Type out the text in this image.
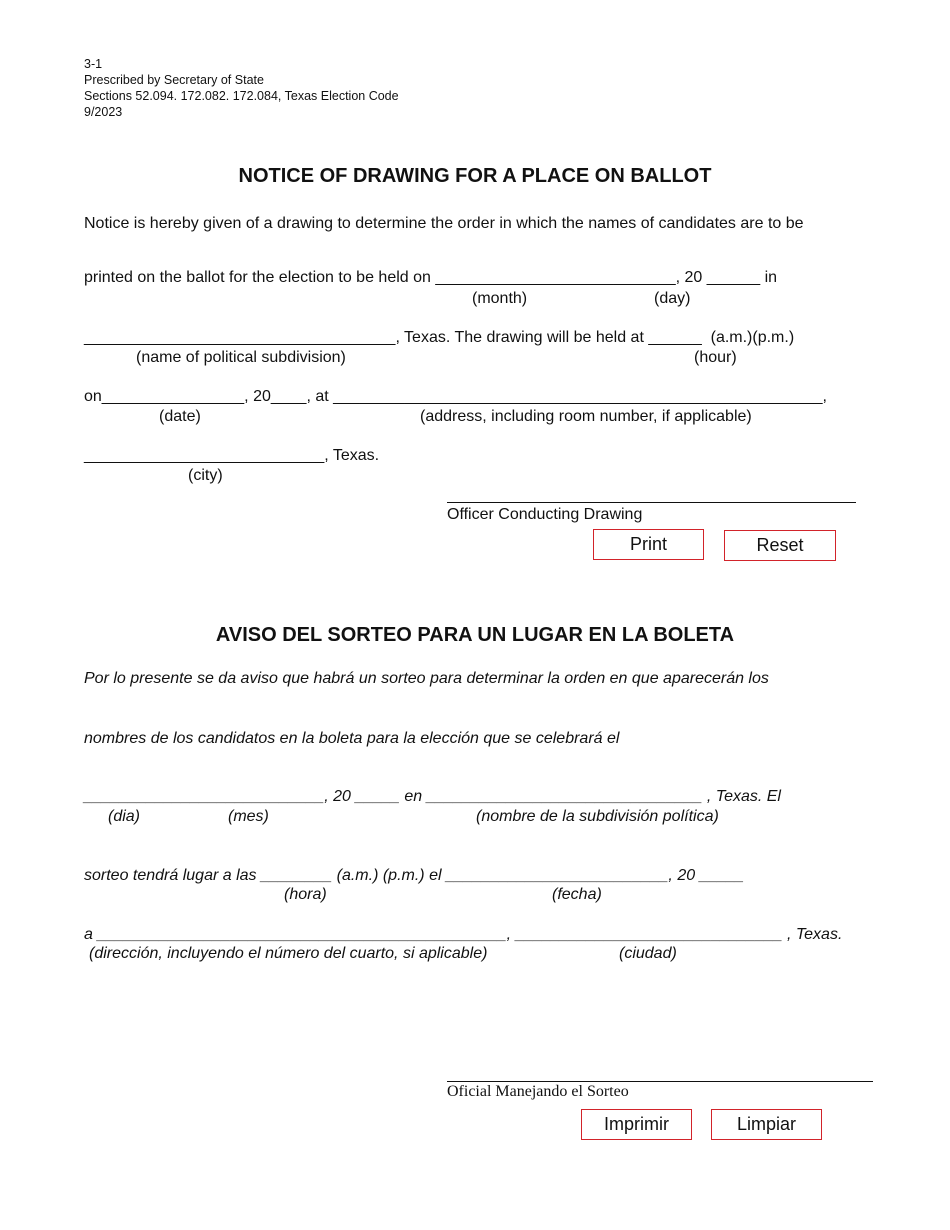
3-1
Prescribed by Secretary of State
Sections 52.094. 172.082. 172.084, Texas Election Code
9/2023
NOTICE OF DRAWING FOR A PLACE ON BALLOT
Notice is hereby given of a drawing to determine the order in which the names of candidates are to be
printed on the ballot for the election to be held on ___________________________, 20 ______ in
(month)	(day)
___________________________________, Texas. The drawing will be held at ______  (a.m.)(p.m.)
(name of political subdivision)	(hour)
on________________, 20____, at _______________________________________________________,
(date)	(address, including room number, if applicable)
___________________________, Texas.
(city)
Officer Conducting Drawing
Print	Reset
AVISO DEL SORTEO PARA UN LUGAR EN LA BOLETA
Por lo presente se da aviso que habrá un sorteo para determinar la orden en que aparecerán los
nombres de los candidatos en la boleta para la elección que se celebrará el
___________________________, 20 _____ en _______________________________ , Texas. El
(dia)	(mes)	(nombre de la subdivisión política)
sorteo tendrá lugar a las ________ (a.m.) (p.m.) el _________________________, 20 _____
(hora)	(fecha)
a ______________________________________________, ______________________________ , Texas.
(dirección, incluyendo el número del cuarto, si aplicable)	(ciudad)
Oficial Manejando el Sorteo
Imprimir	Limpiar
